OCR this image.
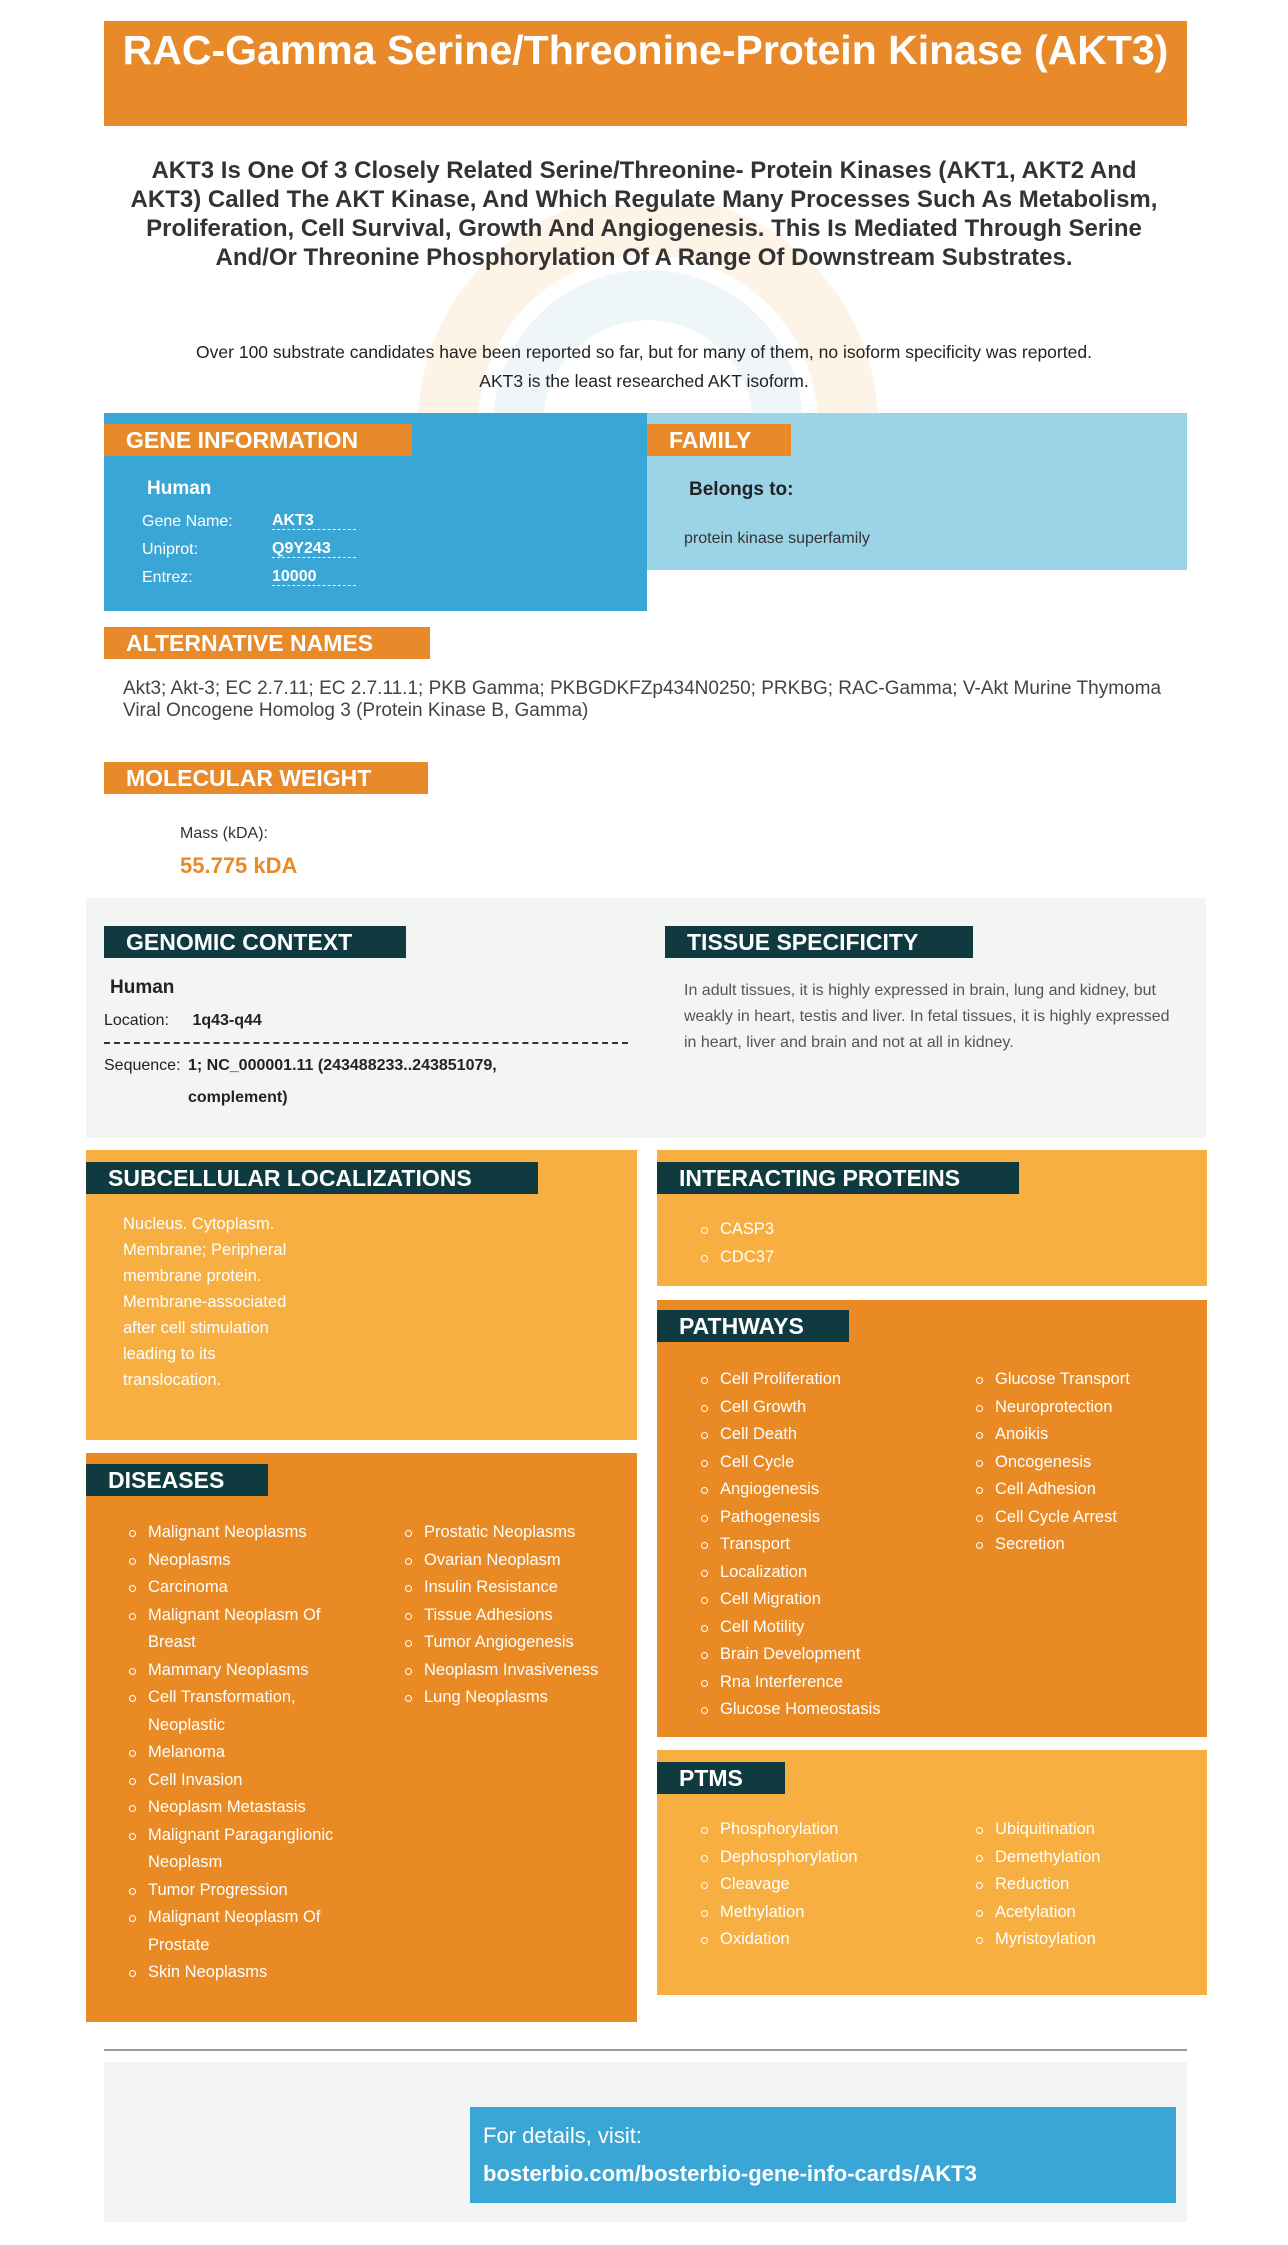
RAC-Gamma Serine/Threonine-Protein Kinase (AKT3)
AKT3 Is One Of 3 Closely Related Serine/Threonine- Protein Kinases (AKT1, AKT2 And AKT3) Called The AKT Kinase, And Which Regulate Many Processes Such As Metabolism, Proliferation, Cell Survival, Growth And Angiogenesis. This Is Mediated Through Serine And/Or Threonine Phosphorylation Of A Range Of Downstream Substrates.
Over 100 substrate candidates have been reported so far, but for many of them, no isoform specificity was reported.
AKT3 is the least researched AKT isoform.
GENE INFORMATION	FAMILY
Human
Gene Name:	AKT3
Uniprot:	Q9Y243
Entrez:	10000
Belongs to:
protein kinase superfamily
ALTERNATIVE NAMES
Akt3; Akt-3; EC 2.7.11; EC 2.7.11.1; PKB Gamma; PKBGDKFZp434N0250; PRKBG; RAC-Gamma; V-Akt Murine Thymoma Viral Oncogene Homolog 3 (Protein Kinase B, Gamma)
MOLECULAR WEIGHT
Mass (kDA):
55.775 kDA
GENOMIC CONTEXT	TISSUE SPECIFICITY
Human
Location: 1q43-q44
Sequence: 1; NC_000001.11 (243488233..243851079, complement)
In adult tissues, it is highly expressed in brain, lung and kidney, but weakly in heart, testis and liver. In fetal tissues, it is highly expressed in heart, liver and brain and not at all in kidney.
SUBCELLULAR LOCALIZATIONS
Nucleus. Cytoplasm. Membrane; Peripheral membrane protein. Membrane-associated after cell stimulation leading to its translocation.
INTERACTING PROTEINS
CASP3
CDC37
PATHWAYS
Cell Proliferation
Cell Growth
Cell Death
Cell Cycle
Angiogenesis
Pathogenesis
Transport
Localization
Cell Migration
Cell Motility
Brain Development
Rna Interference
Glucose Homeostasis
Glucose Transport
Neuroprotection
Anoikis
Oncogenesis
Cell Adhesion
Cell Cycle Arrest
Secretion
DISEASES
Malignant Neoplasms
Neoplasms
Carcinoma
Malignant Neoplasm Of Breast
Mammary Neoplasms
Cell Transformation, Neoplastic
Melanoma
Cell Invasion
Neoplasm Metastasis
Malignant Paraganglionic Neoplasm
Tumor Progression
Malignant Neoplasm Of Prostate
Skin Neoplasms
Prostatic Neoplasms
Ovarian Neoplasm
Insulin Resistance
Tissue Adhesions
Tumor Angiogenesis
Neoplasm Invasiveness
Lung Neoplasms
PTMS
Phosphorylation
Dephosphorylation
Cleavage
Methylation
Oxidation
Ubiquitination
Demethylation
Reduction
Acetylation
Myristoylation
For details, visit:
bosterbio.com/bosterbio-gene-info-cards/AKT3
